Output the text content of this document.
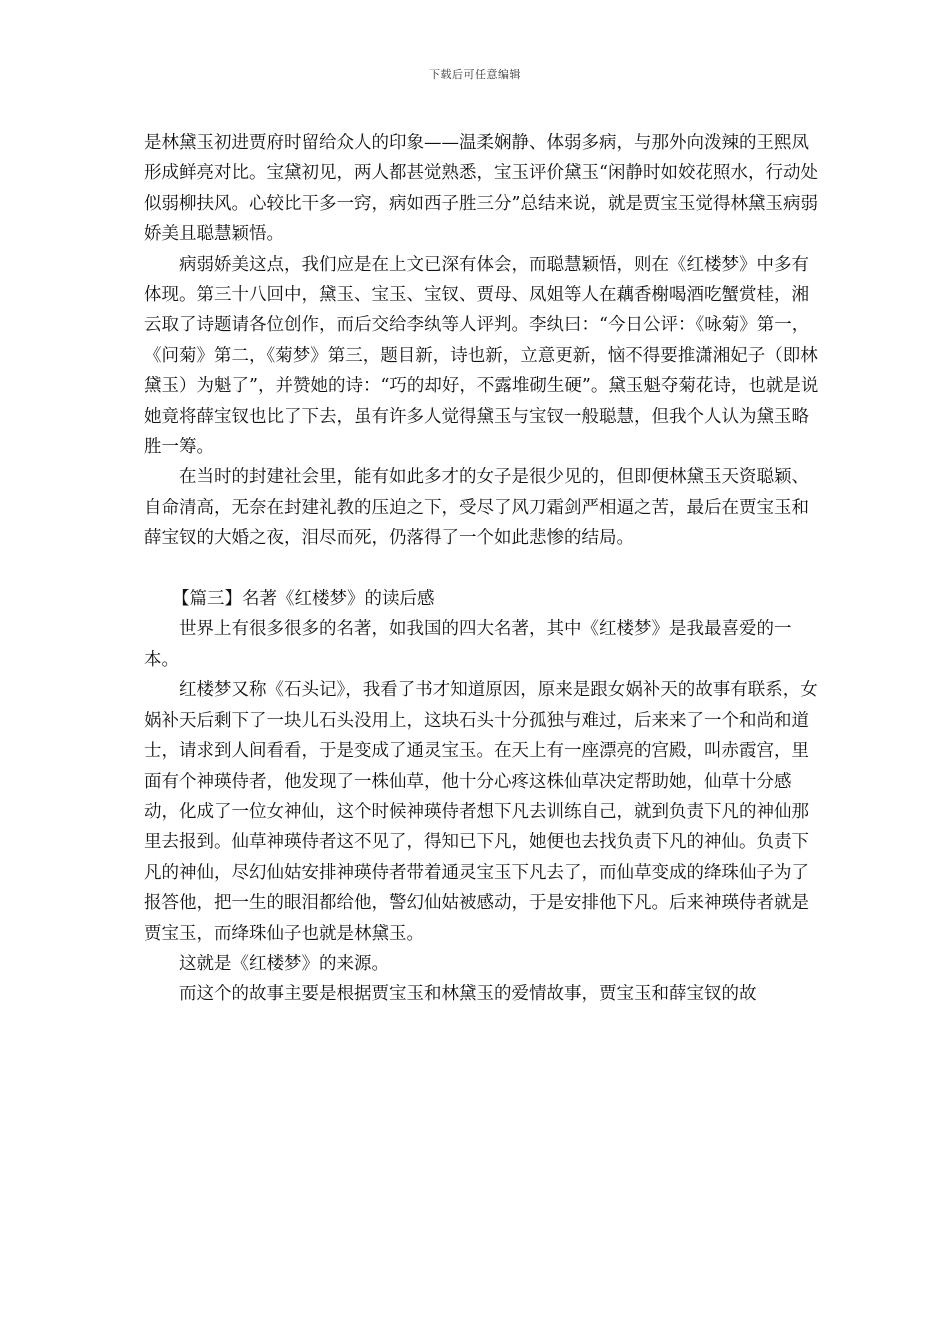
下载后可任意编辑

是林黛玉初进贾府时留给众人的印象——温柔娴静、体弱多病，与那外向泼辣的王熙凤形成鲜亮对比。宝黛初见，两人都甚觉熟悉，宝玉评价黛玉“闲静时如姣花照水，行动处似弱柳扶风。心较比干多一窍，病如西子胜三分”总结来说，就是贾宝玉觉得林黛玉病弱娇美且聪慧颖悟。

病弱娇美这点，我们应是在上文已深有体会，而聪慧颖悟，则在《红楼梦》中多有体现。第三十八回中，黛玉、宝玉、宝钗、贾母、凤姐等人在藕香榭喝酒吃蟹赏桂，湘云取了诗题请各位创作，而后交给李纨等人评判。李纨曰：“今日公评：《咏菊》第一，《问菊》第二，《菊梦》第三，题目新，诗也新，立意更新，恼不得要推潇湘妃子（即林黛玉）为魁了”，并赞她的诗：“巧的却好，不露堆砌生硬”。黛玉魁夺菊花诗，也就是说她竟将薛宝钗也比了下去，虽有许多人觉得黛玉与宝钗一般聪慧，但我个人认为黛玉略胜一筹。

在当时的封建社会里，能有如此多才的女子是很少见的，但即便林黛玉天资聪颖、自命清高，无奈在封建礼教的压迫之下，受尽了风刀霜剑严相逼之苦，最后在贾宝玉和薛宝钗的大婚之夜，泪尽而死，仍落得了一个如此悲惨的结局。

【篇三】名著《红楼梦》的读后感

世界上有很多很多的名著，如我国的四大名著，其中《红楼梦》是我最喜爱的一本。

红楼梦又称《石头记》，我看了书才知道原因，原来是跟女娲补天的故事有联系，女娲补天后剩下了一块儿石头没用上，这块石头十分孤独与难过，后来来了一个和尚和道士，请求到人间看看，于是变成了通灵宝玉。在天上有一座漂亮的宫殿，叫赤霞宫，里面有个神瑛侍者，他发现了一株仙草，他十分心疼这株仙草决定帮助她，仙草十分感动，化成了一位女神仙，这个时候神瑛侍者想下凡去训练自己，就到负责下凡的神仙那里去报到。仙草神瑛侍者这不见了，得知已下凡，她便也去找负责下凡的神仙。负责下凡的神仙，尽幻仙姑安排神瑛侍者带着通灵宝玉下凡去了，而仙草变成的绛珠仙子为了报答他，把一生的眼泪都给他，警幻仙姑被感动，于是安排他下凡。后来神瑛侍者就是贾宝玉，而绛珠仙子也就是林黛玉。

这就是《红楼梦》的来源。

而这个的故事主要是根据贾宝玉和林黛玉的爱情故事，贾宝玉和薛宝钗的故
